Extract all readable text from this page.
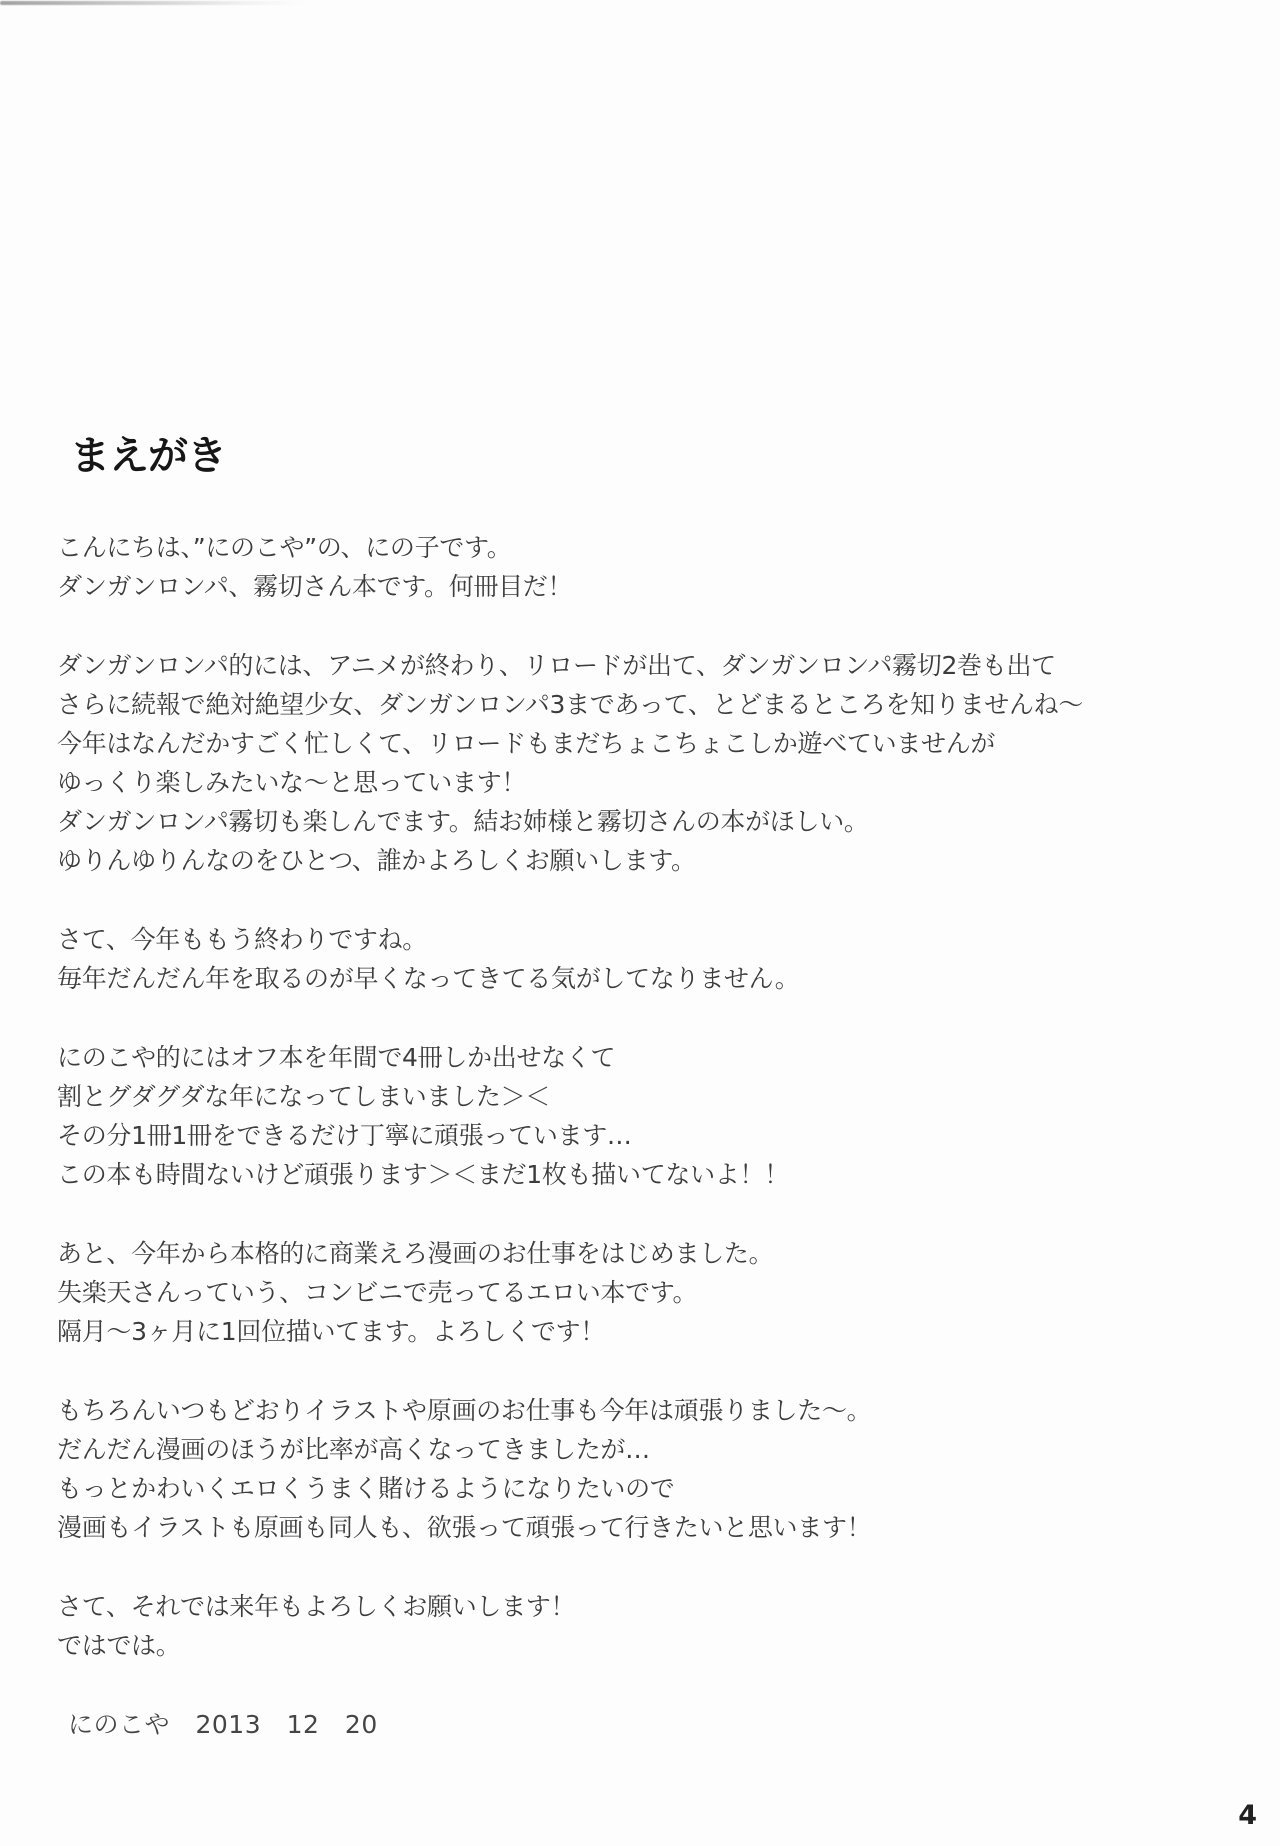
まえがき
こんにちは、”にのこや”の、にの子です。
ダンガンロンパ、霧切さん本です。何冊目だ！
ダンガンロンパ的には、アニメが終わり、リロードが出て、ダンガンロンパ霧切2巻も出て
さらに続報で絶対絶望少女、ダンガンロンパ3まであって、とどまるところを知りませんね～
今年はなんだかすごく忙しくて、リロードもまだちょこちょこしか遊べていませんが
ゆっくり楽しみたいな～と思っています！
ダンガンロンパ霧切も楽しんでます。結お姉様と霧切さんの本がほしい。
ゆりんゆりんなのをひとつ、誰かよろしくお願いします。
さて、今年ももう終わりですね。
毎年だんだん年を取るのが早くなってきてる気がしてなりません。
にのこや的にはオフ本を年間で4冊しか出せなくて
割とグダグダな年になってしまいました＞＜
その分1冊1冊をできるだけ丁寧に頑張っています…
この本も時間ないけど頑張ります＞＜まだ1枚も描いてないよ！！
あと、今年から本格的に商業えろ漫画のお仕事をはじめました。
失楽天さんっていう、コンビニで売ってるエロい本です。
隔月～3ヶ月に1回位描いてます。よろしくです！
もちろんいつもどおりイラストや原画のお仕事も今年は頑張りました～。
だんだん漫画のほうが比率が高くなってきましたが…
もっとかわいくエロくうまく賭けるようになりたいので
漫画もイラストも原画も同人も、欲張って頑張って行きたいと思います！
さて、それでは来年もよろしくお願いします！
ではでは。
にのこや　2013　12　20
4
